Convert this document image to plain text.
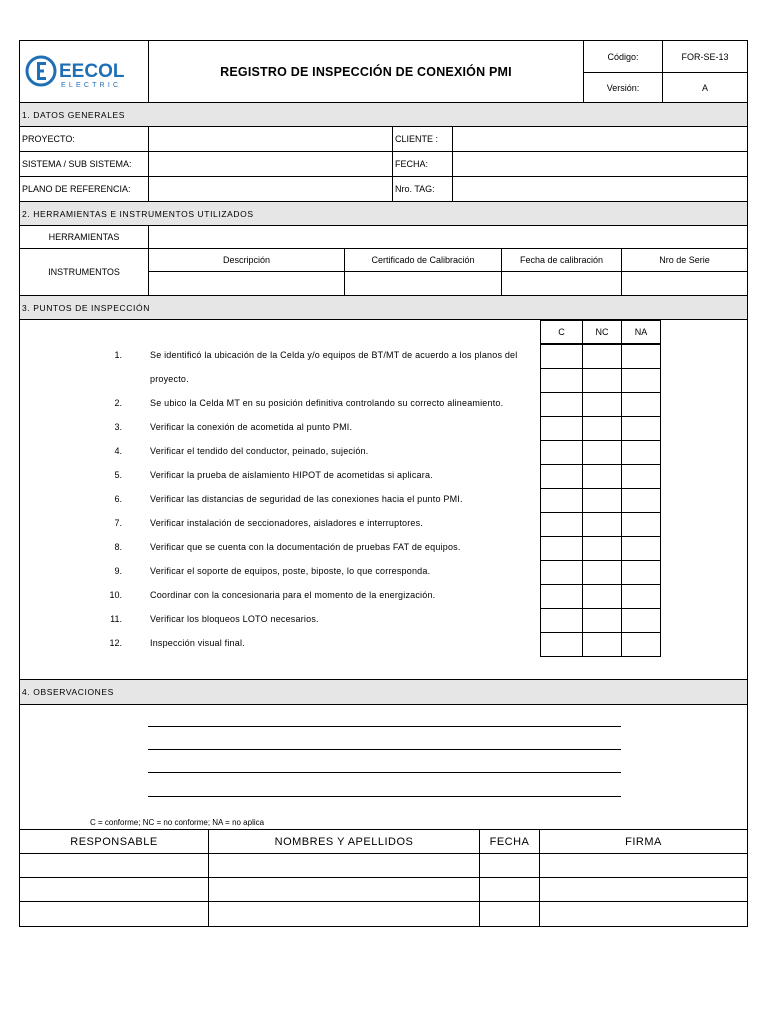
EECOL
ELECTRIC
REGISTRO DE INSPECCIÓN DE CONEXIÓN PMI
Código:	FOR-SE-13
Versión:	A
1. DATOS GENERALES
PROYECTO:	CLIENTE :
SISTEMA / SUB SISTEMA:	FECHA:
PLANO DE REFERENCIA:	Nro. TAG:
2. HERRAMIENTAS E INSTRUMENTOS UTILIZADOS
HERRAMIENTAS
INSTRUMENTOS
Descripción	Certificado de Calibración	Fecha de calibración	Nro de Serie
3. PUNTOS DE INSPECCIÓN
C	NC	NA
1.	Se identificó la ubicación de la Celda y/o equipos de BT/MT de acuerdo a los planos del
proyecto.
2.	Se ubico la Celda MT en su posición definitiva controlando su correcto alineamiento.
3.	Verificar la conexión de acometida al punto PMI.
4.	Verificar el tendido del conductor, peinado, sujeción.
5.	Verificar la prueba de aislamiento HIPOT de acometidas si aplicara.
6.	Verificar las distancias de seguridad de las conexiones hacia el punto PMI.
7.	Verificar instalación de seccionadores, aisladores e interruptores.
8.	Verificar que se cuenta con la documentación de pruebas FAT de equipos.
9.	Verificar el soporte de equipos, poste, biposte, lo que corresponda.
10.	Coordinar con la concesionaria para el momento de la energización.
11.	Verificar los bloqueos LOTO necesarios.
12.	Inspección visual final.
4. OBSERVACIONES
C = conforme; NC = no conforme; NA = no aplica
RESPONSABLE	NOMBRES Y APELLIDOS	FECHA	FIRMA
